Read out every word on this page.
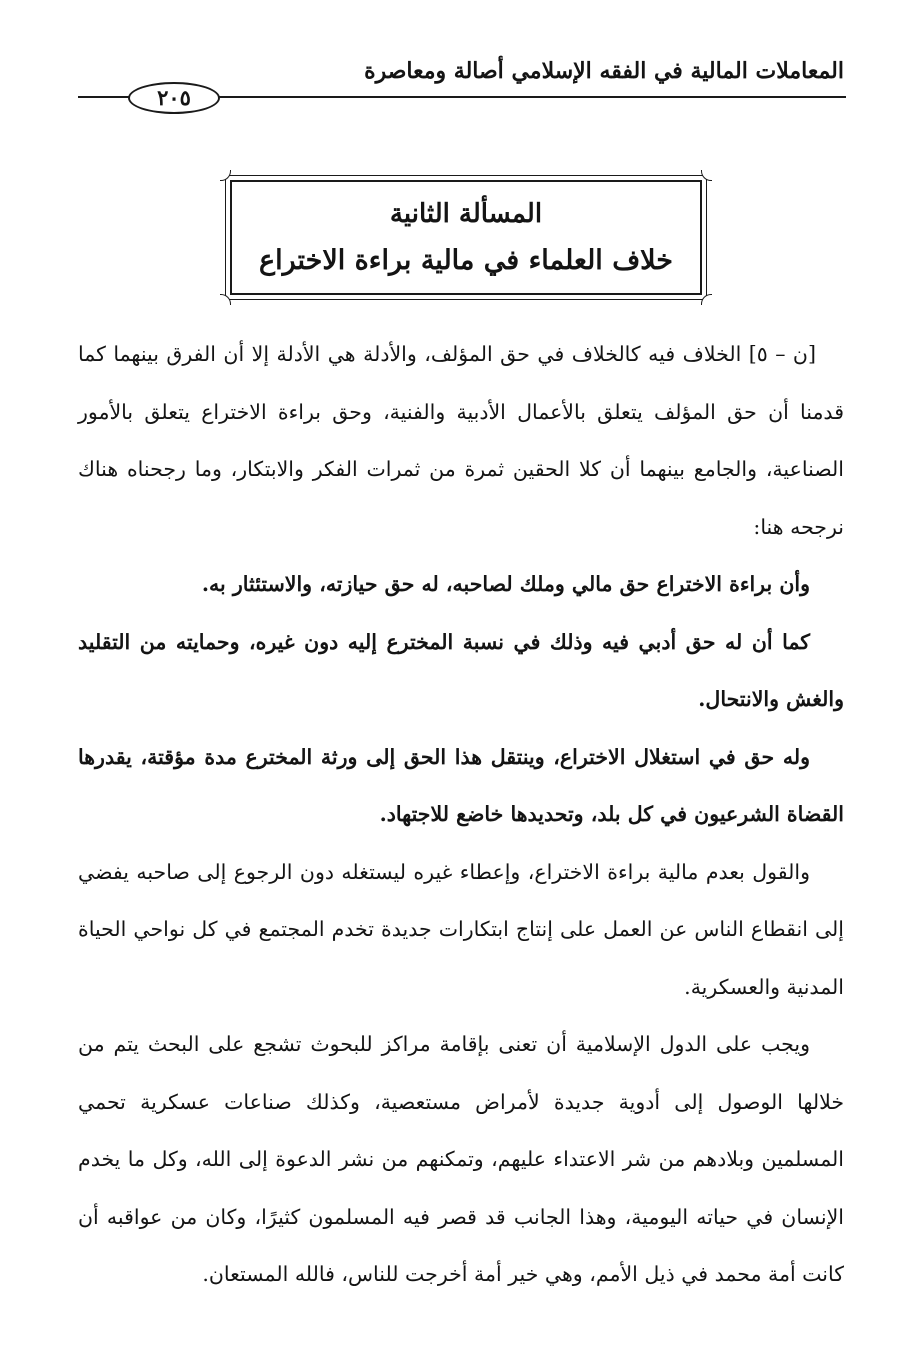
المعاملات المالية في الفقه الإسلامي أصالة ومعاصرة
٢٠٥
المسألة الثانية
خلاف العلماء في مالية براءة الاختراع

[ن – ٥] الخلاف فيه كالخلاف في حق المؤلف، والأدلة هي الأدلة إلا أن الفرق بينهما كما قدمنا أن حق المؤلف يتعلق بالأعمال الأدبية والفنية، وحق براءة الاختراع يتعلق بالأمور الصناعية، والجامع بينهما أن كلا الحقين ثمرة من ثمرات الفكر والابتكار، وما رجحناه هناك نرجحه هنا:

وأن براءة الاختراع حق مالي وملك لصاحبه، له حق حيازته، والاستئثار به.

كما أن له حق أدبي فيه وذلك في نسبة المخترع إليه دون غيره، وحمايته من التقليد والغش والانتحال.

وله حق في استغلال الاختراع، وينتقل هذا الحق إلى ورثة المخترع مدة مؤقتة، يقدرها القضاة الشرعيون في كل بلد، وتحديدها خاضع للاجتهاد.

والقول بعدم مالية براءة الاختراع، وإعطاء غيره ليستغله دون الرجوع إلى صاحبه يفضي إلى انقطاع الناس عن العمل على إنتاج ابتكارات جديدة تخدم المجتمع في كل نواحي الحياة المدنية والعسكرية.

ويجب على الدول الإسلامية أن تعنى بإقامة مراكز للبحوث تشجع على البحث يتم من خلالها الوصول إلى أدوية جديدة لأمراض مستعصية، وكذلك صناعات عسكرية تحمي المسلمين وبلادهم من شر الاعتداء عليهم، وتمكنهم من نشر الدعوة إلى الله، وكل ما يخدم الإنسان في حياته اليومية، وهذا الجانب قد قصر فيه المسلمون كثيرًا، وكان من عواقبه أن كانت أمة محمد في ذيل الأمم، وهي خير أمة أخرجت للناس، فالله المستعان.
